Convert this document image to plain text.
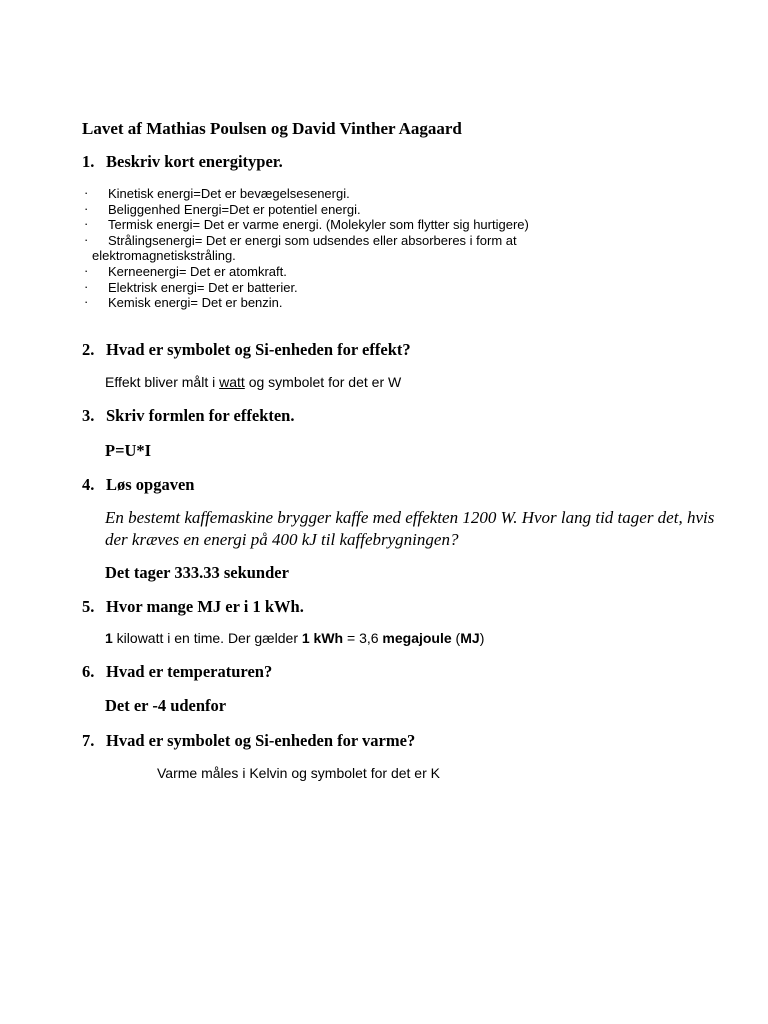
Lavet af Mathias Poulsen og David Vinther Aagaard
1. Beskriv kort energityper.
· Kinetisk energi=Det er bevægelsesenergi.
· Beliggenhed Energi=Det er potentiel energi.
· Termisk energi= Det er varme energi. (Molekyler som flytter sig hurtigere)
· Strålingsenergi= Det er energi som udsendes eller absorberes i form at
elektromagnetiskstråling.
· Kerneenergi= Det er atomkraft.
· Elektrisk energi= Det er batterier.
· Kemisk energi= Det er benzin.
2. Hvad er symbolet og Si-enheden for effekt?
Effekt bliver målt i watt og symbolet for det er W
3. Skriv formlen for effekten.
P=U*I
4. Løs opgaven
En bestemt kaffemaskine brygger kaffe med effekten 1200 W. Hvor lang tid tager det, hvis der kræves en energi på 400 kJ til kaffebrygningen?
Det tager 333.33 sekunder
5. Hvor mange MJ er i 1 kWh.
1 kilowatt i en time. Der gælder 1 kWh = 3,6 megajoule (MJ)
6. Hvad er temperaturen?
Det er -4 udenfor
7. Hvad er symbolet og Si-enheden for varme?
Varme måles i Kelvin og symbolet for det er K
